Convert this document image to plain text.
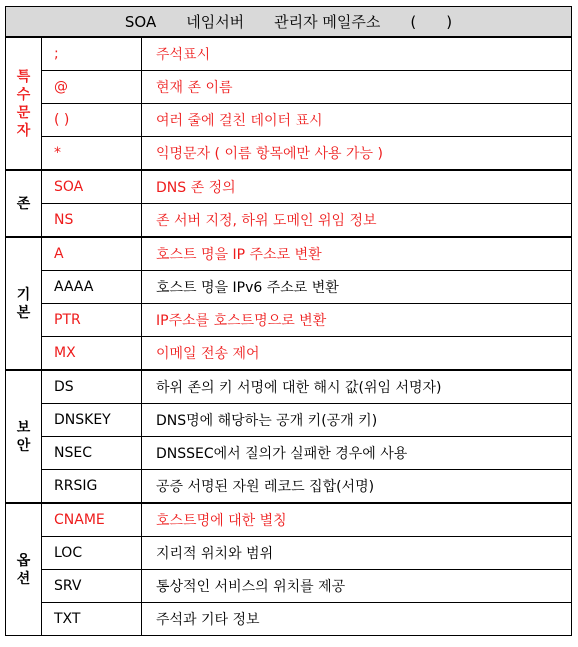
SOA　　네임서버　　관리자 메일주소　　(　　)		

특
수
문
자	;	주석표시
	@	현재 존 이름
	( )	여러 줄에 걸친 데이터 표시
	*	익명문자 ( 이름 항목에만 사용 가능 )

존	SOA	DNS 존 정의
	NS	존 서버 지정, 하위 도메인 위임 정보

기
본	A	호스트 명을 IP 주소로 변환
	AAAA	호스트 명을 IPv6 주소로 변환
	PTR	IP주소를 호스트명으로 변환
	MX	이메일 전송 제어

보
안	DS	하위 존의 키 서명에 대한 해시 값(위임 서명자)
	DNSKEY	DNS명에 해당하는 공개 키(공개 키)
	NSEC	DNSSEC에서 질의가 실패한 경우에 사용
	RRSIG	공증 서명된 자원 레코드 집합(서명)

옵
션	CNAME	호스트명에 대한 별칭
	LOC	지리적 위치와 범위
	SRV	통상적인 서비스의 위치를 제공
	TXT	주석과 기타 정보
